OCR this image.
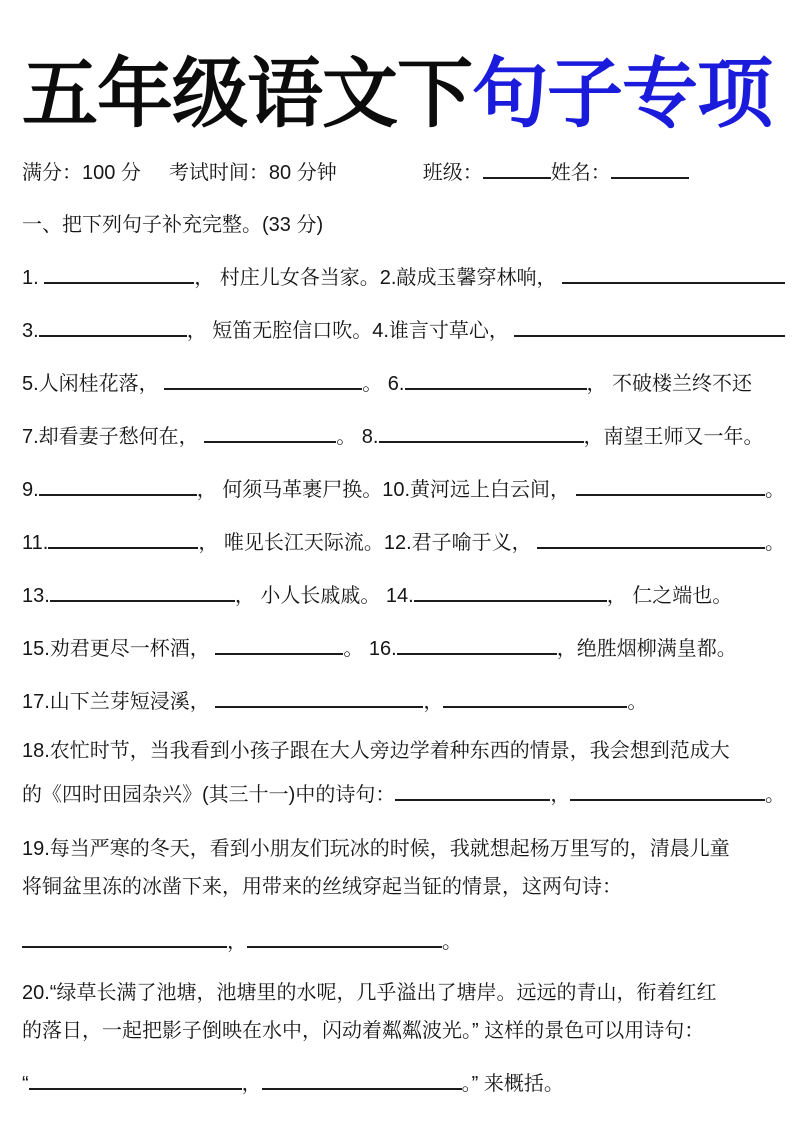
五年级语文下句子专项
满分：100 分 考试时间：80 分钟	班级：	姓名：
一、把下列句子补充完整。(33 分)
1.	， 村庄儿女各当家。2.敲成玉馨穿林响，
3.	， 短笛无腔信口吹。4.谁言寸草心，
5.人闲桂花落，	。 6.	， 不破楼兰终不还
7.却看妻子愁何在，	。 8.	，南望王师又一年。
9.	， 何须马革裹尸换。10.黄河远上白云间，	。
11.	， 唯见长江天际流。12.君子喻于义，	。
13.	， 小人长戚戚。 14.	， 仁之端也。
15.劝君更尽一杯酒，	。 16.	，绝胜烟柳满皇都。
17.山下兰芽短浸溪，	，	。
18.农忙时节，当我看到小孩子跟在大人旁边学着种东西的情景，我会想到范成大
的《四时田园杂兴》(其三十一)中的诗句：	，	。
19.每当严寒的冬天，看到小朋友们玩冰的时候，我就想起杨万里写的，清晨儿童
将铜盆里冻的冰凿下来，用带来的丝绒穿起当钲的情景，这两句诗：
，	。
20.“绿草长满了池塘，池塘里的水呢，几乎溢出了塘岸。远远的青山，衔着红红
的落日，一起把影子倒映在水中，闪动着粼粼波光。” 这样的景色可以用诗句：
“	，	。” 来概括。
